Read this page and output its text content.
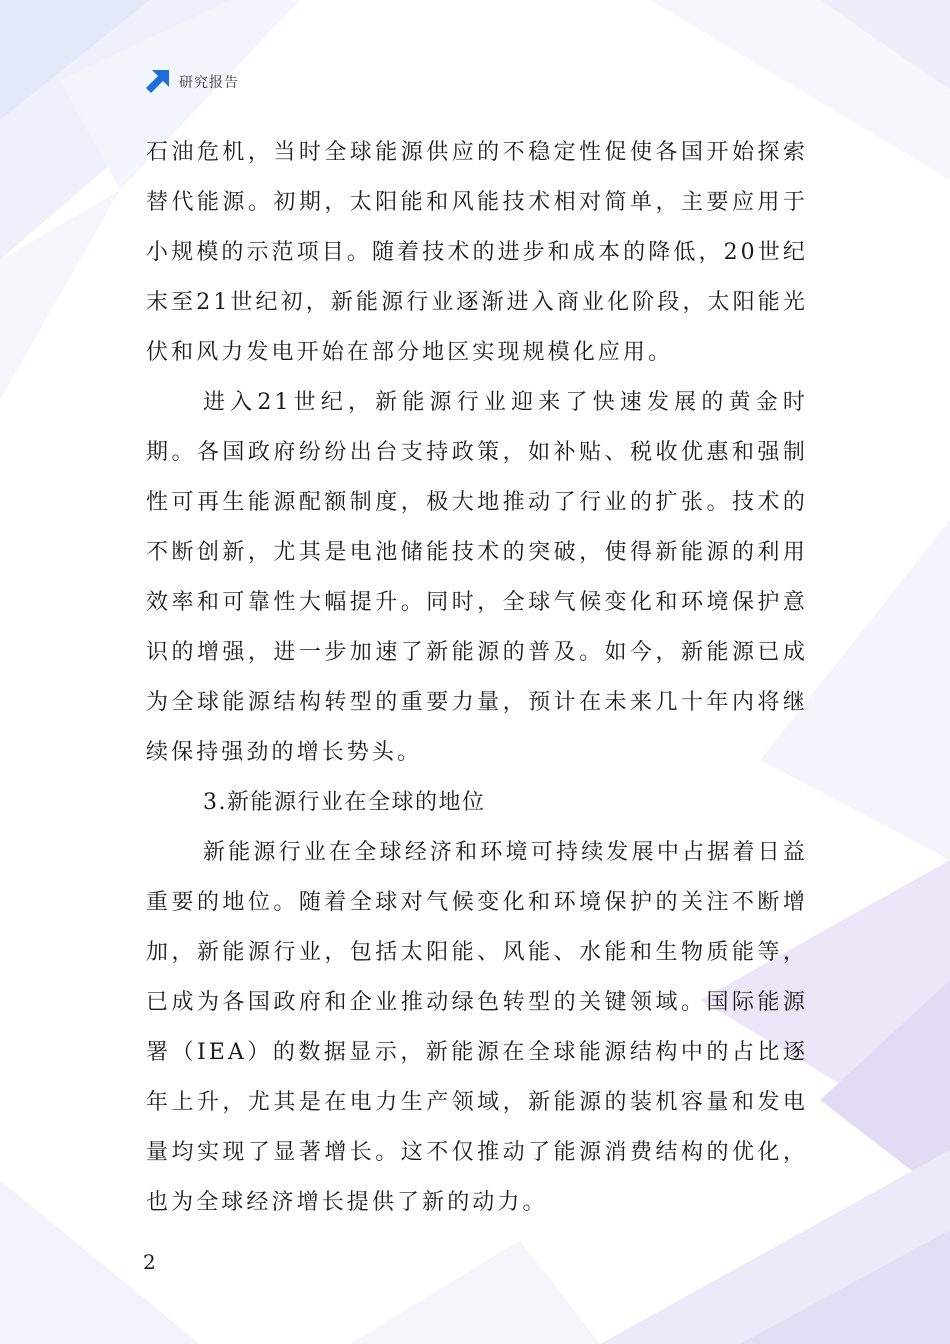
研究报告

石油危机，当时全球能源供应的不稳定性促使各国开始探索替代能源。初期，太阳能和风能技术相对简单，主要应用于小规模的示范项目。随着技术的进步和成本的降低，20世纪末至21世纪初，新能源行业逐渐进入商业化阶段，太阳能光伏和风力发电开始在部分地区实现规模化应用。

进入21世纪，新能源行业迎来了快速发展的黄金时期。各国政府纷纷出台支持政策，如补贴、税收优惠和强制性可再生能源配额制度，极大地推动了行业的扩张。技术的不断创新，尤其是电池储能技术的突破，使得新能源的利用效率和可靠性大幅提升。同时，全球气候变化和环境保护意识的增强，进一步加速了新能源的普及。如今，新能源已成为全球能源结构转型的重要力量，预计在未来几十年内将继续保持强劲的增长势头。

3.新能源行业在全球的地位

新能源行业在全球经济和环境可持续发展中占据着日益重要的地位。随着全球对气候变化和环境保护的关注不断增加，新能源行业，包括太阳能、风能、水能和生物质能等，已成为各国政府和企业推动绿色转型的关键领域。国际能源署（IEA）的数据显示，新能源在全球能源结构中的占比逐年上升，尤其是在电力生产领域，新能源的装机容量和发电量均实现了显著增长。这不仅推动了能源消费结构的优化，也为全球经济增长提供了新的动力。

2
